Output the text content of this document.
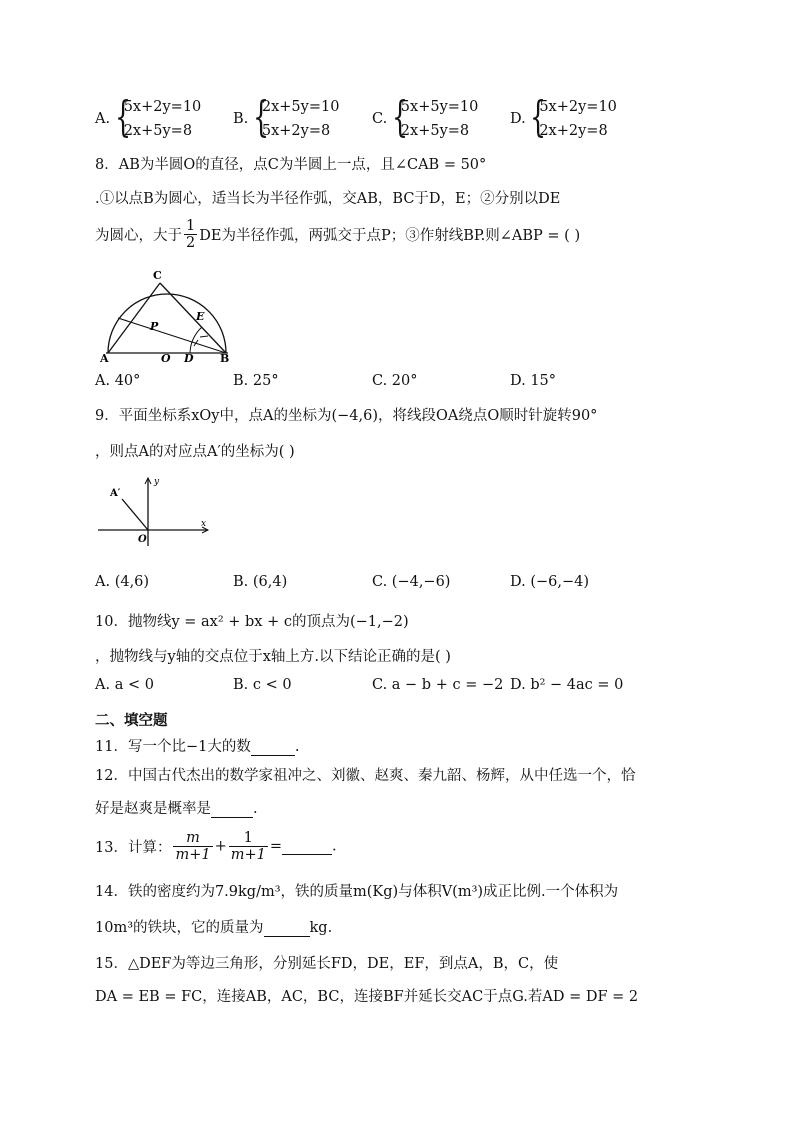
A. {
5x+2y=10
2x+5y=8
B. {
2x+5y=10
5x+2y=8
C. {
5x+5y=10
2x+5y=8
D. {
5x+2y=10
2x+2y=8
8．AB为半圆O的直径，点C为半圆上一点，且∠CAB = 50°
.①以点B为圆心，适当长为半径作弧，交AB，BC于D，E；②分别以DE
为圆心，大于 $\frac{1}{2}$ DE为半径作弧，两弧交于点P；③作射线BP.则∠ABP = ( )
C
E
P
A	O D B
A. 40°	B. 25°	C. 20°	D. 15°
9．平面坐标系xOy中，点A的坐标为(−4,6)，将线段OA绕点O顺时针旋转90°
，则点A的对应点A′的坐标为( )
A′
y
x
O
A. (4,6)	B. (6,4)	C. (−4,−6)	D. (−6,−4)
10．抛物线y = ax² + bx + c的顶点为(−1,−2)
，抛物线与y轴的交点位于x轴上方.以下结论正确的是( )
A. a < 0	B. c < 0	C. a − b + c = −2 D. b² − 4ac = 0
二、填空题
11．写一个比−1大的数	.
12．中国古代杰出的数学家祖冲之、刘徽、赵爽、秦九韶、杨辉，从中任选一个，恰
好是赵爽是概率是	.
13．计算： $\frac{m}{m+1} + \frac{1}{m+1}$ =	.
14．铁的密度约为7.9kg/m³，铁的质量m(Kg)与体积V(m³)成正比例.一个体积为
10m³的铁块，它的质量为	kg.
15．△DEF为等边三角形，分别延长FD，DE，EF，到点A，B，C，使
DA = EB = FC，连接AB，AC，BC，连接BF并延长交AC于点G.若AD = DF = 2
